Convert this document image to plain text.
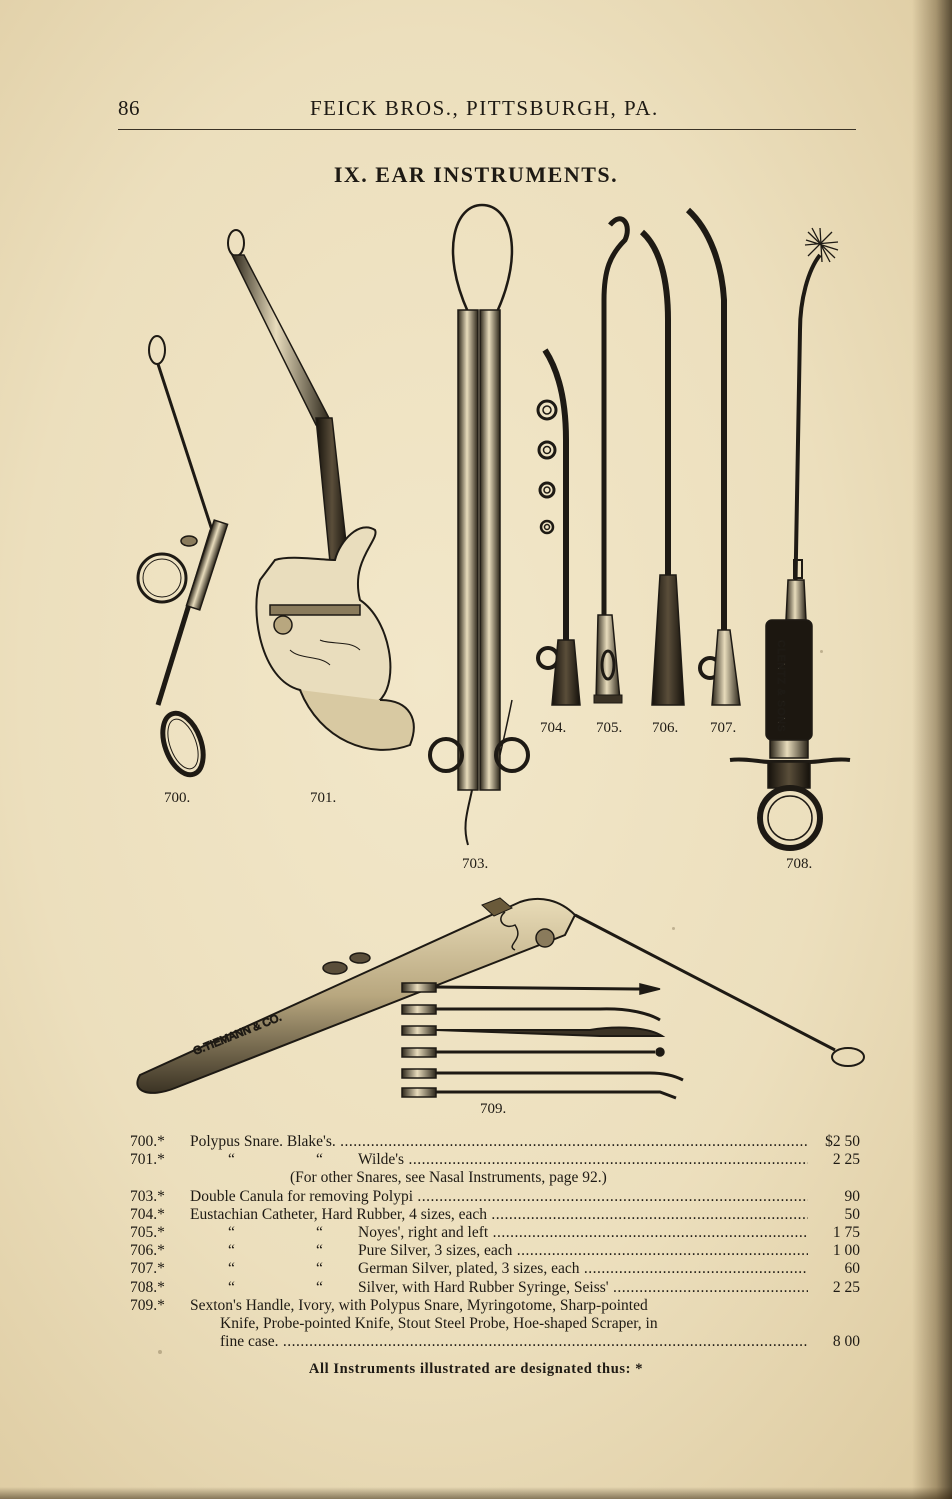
86	FEICK BROS., PITTSBURGH, PA.
IX. EAR INSTRUMENTS.
700.	701.
703.
704. 705. 706. 707.	CLENTZ & SONS
708.
G.TIEMANN & CO.
709.
700.*	Polypus Snare. Blake's. .....	$2 50
701.*	“	“ Wilde's .....	2 25
(For other Snares, see Nasal Instruments, page 92.)
703.*	Double Canula for removing Polypi .....	90
704.*	Eustachian Catheter, Hard Rubber, 4 sizes, each .....	50
705.*	“	“ Noyes', right and left .....	1 75
706.*	“	“ Pure Silver, 3 sizes, each .....	1 00
707.*	“	“ German Silver, plated, 3 sizes, each .....	60
708.*	“	“ Silver, with Hard Rubber Syringe, Seiss' .....	2 25
709.*	Sexton's Handle, Ivory, with Polypus Snare, Myringotome, Sharp-pointed
Knife, Probe-pointed Knife, Stout Steel Probe, Hoe-shaped Scraper, in
fine case. .....	8 00
All Instruments illustrated are designated thus: *
